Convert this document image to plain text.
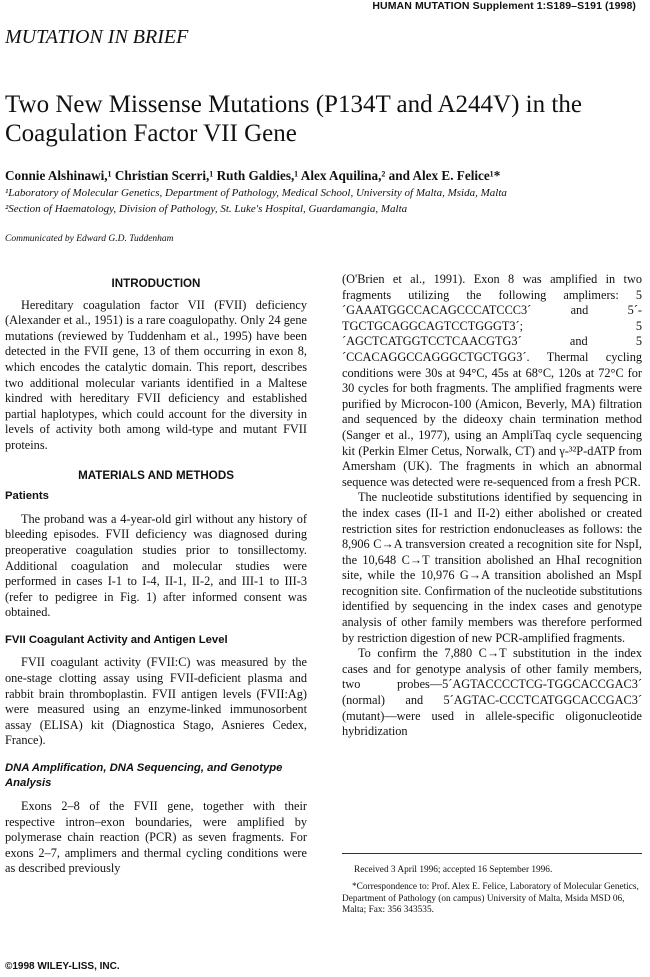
HUMAN MUTATION Supplement 1:S189–S191 (1998)
MUTATION IN BRIEF
Two New Missense Mutations (P134T and A244V) in the Coagulation Factor VII Gene
Connie Alshinawi,¹ Christian Scerri,¹ Ruth Galdies,¹ Alex Aquilina,² and Alex E. Felice¹*
¹Laboratory of Molecular Genetics, Department of Pathology, Medical School, University of Malta, Msida, Malta
²Section of Haematology, Division of Pathology, St. Luke's Hospital, Guardamangia, Malta
Communicated by Edward G.D. Tuddenham
INTRODUCTION

Hereditary coagulation factor VII (FVII) deficiency (Alexander et al., 1951) is a rare coagulopathy. Only 24 gene mutations (reviewed by Tuddenham et al., 1995) have been detected in the FVII gene, 13 of them occurring in exon 8, which encodes the catalytic domain. This report, describes two additional molecular variants identified in a Maltese kindred with hereditary FVII deficiency and established partial haplotypes, which could account for the diversity in levels of activity both among wild-type and mutant FVII proteins.

MATERIALS AND METHODS
Patients

The proband was a 4-year-old girl without any history of bleeding episodes. FVII deficiency was diagnosed during preoperative coagulation studies prior to tonsillectomy. Additional coagulation and molecular studies were performed in cases I-1 to I-4, II-1, II-2, and III-1 to III-3 (refer to pedigree in Fig. 1) after informed consent was obtained.

FVII Coagulant Activity and Antigen Level

FVII coagulant activity (FVII:C) was measured by the one-stage clotting assay using FVII-deficient plasma and rabbit brain thromboplastin. FVII antigen levels (FVII:Ag) were measured using an enzyme-linked immunosorbent assay (ELISA) kit (Diagnostica Stago, Asnieres Cedex, France).

DNA Amplification, DNA Sequencing, and Genotype Analysis

Exons 2–8 of the FVII gene, together with their respective intron–exon boundaries, were amplified by polymerase chain reaction (PCR) as seven fragments. For exons 2–7, amplimers and thermal cycling conditions were as described previously

(O'Brien et al., 1991). Exon 8 was amplified in two fragments utilizing the following amplimers: 5´GAAATGGCCACAGCCCATCCC3´ and 5´-TGCTGCAGGCAGTCCTGGGT3´; 5´AGCTCATGGTCCTCAACGTG3´ and 5´CCACAGGCCAGGGCTGCTGG3´. Thermal cycling conditions were 30s at 94°C, 45s at 68°C, 120s at 72°C for 30 cycles for both fragments. The amplified fragments were purified by Microcon-100 (Amicon, Beverly, MA) filtration and sequenced by the dideoxy chain termination method (Sanger et al., 1977), using an AmpliTaq cycle sequencing kit (Perkin Elmer Cetus, Norwalk, CT) and γ-³²P-dATP from Amersham (UK). The fragments in which an abnormal sequence was detected were re-sequenced from a fresh PCR.

The nucleotide substitutions identified by sequencing in the index cases (II-1 and II-2) either abolished or created restriction sites for restriction endonucleases as follows: the 8,906 C→A transversion created a recognition site for NspI, the 10,648 C→T transition abolished an HhaI recognition site, while the 10,976 G→A transition abolished an MspI recognition site. Confirmation of the nucleotide substitutions identified by sequencing in the index cases and genotype analysis of other family members was therefore performed by restriction digestion of new PCR-amplified fragments.

To confirm the 7,880 C→T substitution in the index cases and for genotype analysis of other family members, two probes—5´AGTACCCCTCG-TGGCACCGAC3´ (normal) and 5´AGTAC-CCCTCATGGCACCGAC3´ (mutant)—were used in allele-specific oligonucleotide hybridization

Received 3 April 1996; accepted 16 September 1996.

*Correspondence to: Prof. Alex E. Felice, Laboratory of Molecular Genetics, Department of Pathology (on campus) University of Malta, Msida MSD 06, Malta; Fax: 356 343535.

©1998 WILEY-LISS, INC.
